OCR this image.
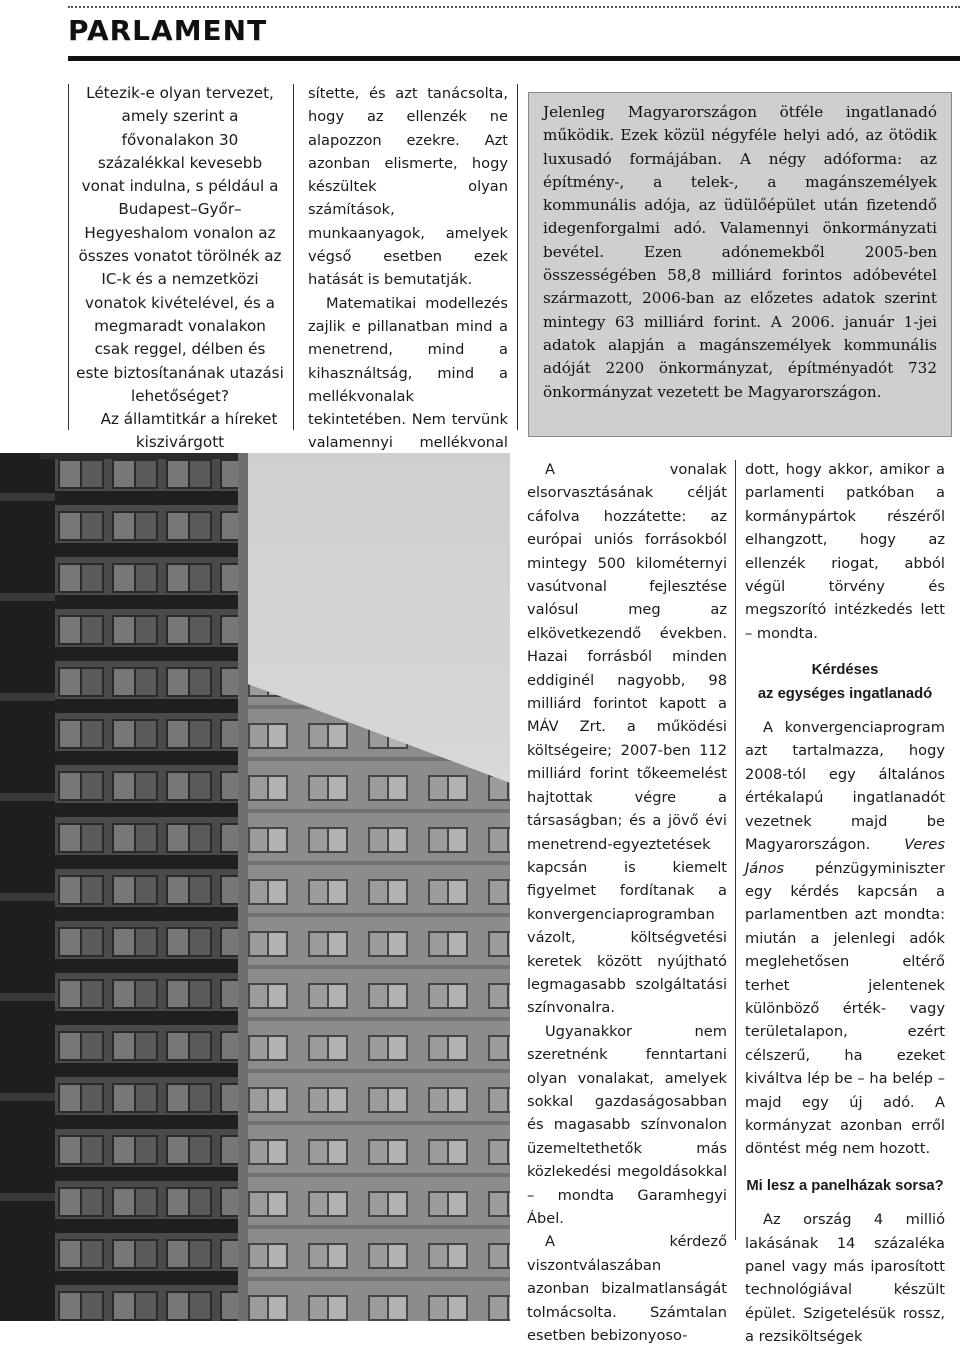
PARLAMENT

Létezik-e olyan tervezet, amely szerint a fővonalakon 30 százalékkal kevesebb vonat indulna, s például a Budapest–Győr–Hegyeshalom vonalon az összes vonatot törölnék az IC-k és a nemzetközi vonatok kivételével, és a megmaradt vonalakon csak reggel, délben és este biztosítanának utazási lehetőséget?

Az államtitkár a híreket kiszivárgott

sítette, és azt tanácsolta, hogy az ellenzék ne alapozzon ezekre. Azt azonban elismerte, hogy készültek olyan számítások, munkaanyagok, amelyek végső esetben ezek hatását is bemutatják.

Matematikai modellezés zajlik e pillanatban mind a menetrend, mind a kihasználtság, mind a mellékvonalak tekintetében. Nem tervünk valamennyi mellékvonal

Jelenleg Magyarországon ötféle ingatlanadó működik. Ezek közül négyféle helyi adó, az ötödik luxusadó formájában. A négy adóforma: az építmény-, a telek-, a magánszemélyek kommunális adója, az üdülőépület után fizetendő idegenforgalmi adó. Valamennyi önkormányzati bevétel. Ezen adónemekből 2005-ben összességében 58,8 milliárd forintos adóbevétel származott, 2006-ban az előzetes adatok szerint mintegy 63 milliárd forint. A 2006. január 1-jei adatok alapján a magánszemélyek kommunális adóját 2200 önkormányzat, építményadót 732 önkormányzat vezetett be Magyarországon.

A vonalak elsorvasztásának célját cáfolva hozzátette: az európai uniós forrásokból mintegy 500 kilométernyi vasútvonal fejlesztése valósul meg az elkövetkezendő években. Hazai forrásból minden eddiginél nagyobb, 98 milliárd forintot kapott a MÁV Zrt. a működési költségeire; 2007-ben 112 milliárd forint tőkeemelést hajtottak végre a társaságban; és a jövő évi menetrend-egyeztetések kapcsán is kiemelt figyelmet fordítanak a konvergenciaprogramban vázolt, költségvetési keretek között nyújtható legmagasabb szolgáltatási színvonalra.

Ugyanakkor nem szeretnénk fenntartani olyan vonalakat, amelyek sokkal gazdaságosabban és magasabb színvonalon üzemeltethetők más közlekedési megoldásokkal – mondta Garamhegyi Ábel.

A kérdező viszontválaszában azonban bizalmatlanságát tolmácsolta. Számtalan esetben bebizonyoso-

dott, hogy akkor, amikor a parlamenti patkóban a kormánypártok részéről elhangzott, hogy az ellenzék riogat, abból végül törvény és megszorító intézkedés lett – mondta.

Kérdéses
az egységes ingatlanadó

A konvergenciaprogram azt tartalmazza, hogy 2008-tól egy általános értékalapú ingatlanadót vezetnek majd be Magyarországon. Veres János pénzügyminiszter egy kérdés kapcsán a parlamentben azt mondta: miután a jelenlegi adók meglehetősen eltérő terhet jelentenek különböző érték- vagy területalapon, ezért célszerű, ha ezeket kiváltva lép be – ha belép – majd egy új adó. A kormányzat azonban erről döntést még nem hozott.

Mi lesz a panelházak sorsa?

Az ország 4 millió lakásának 14 százaléka panel vagy más iparosított technológiával készült épület. Szigetelésük rossz, a rezsiköltségek
